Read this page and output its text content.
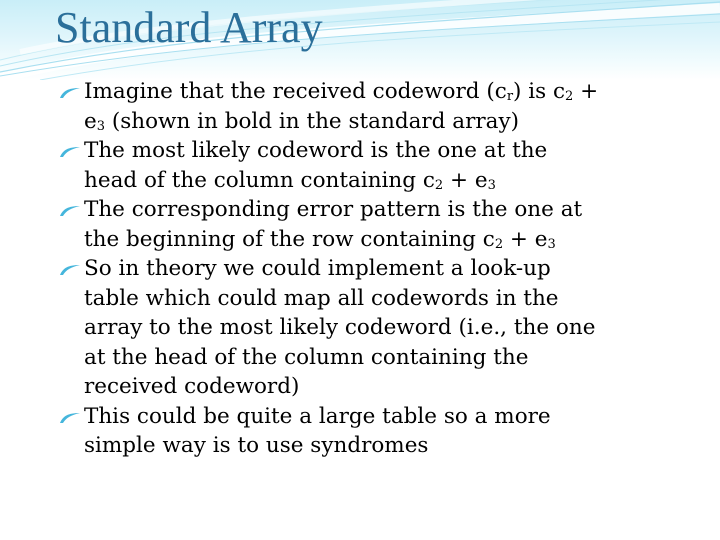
Standard Array
Imagine that the received codeword $(c_r)$ is $c_2$ +
$e_3$ (shown in bold in the standard array)
The most likely codeword is the one at the
head of the column containing $c_2 + e_3$
The corresponding error pattern is the one at
the beginning of the row containing $c_2 + e_3$
So in theory we could implement a look-up
table which could map all codewords in the
array to the most likely codeword (i.e., the one
at the head of the column containing the
received codeword)
This could be quite a large table so a more
simple way is to use syndromes
